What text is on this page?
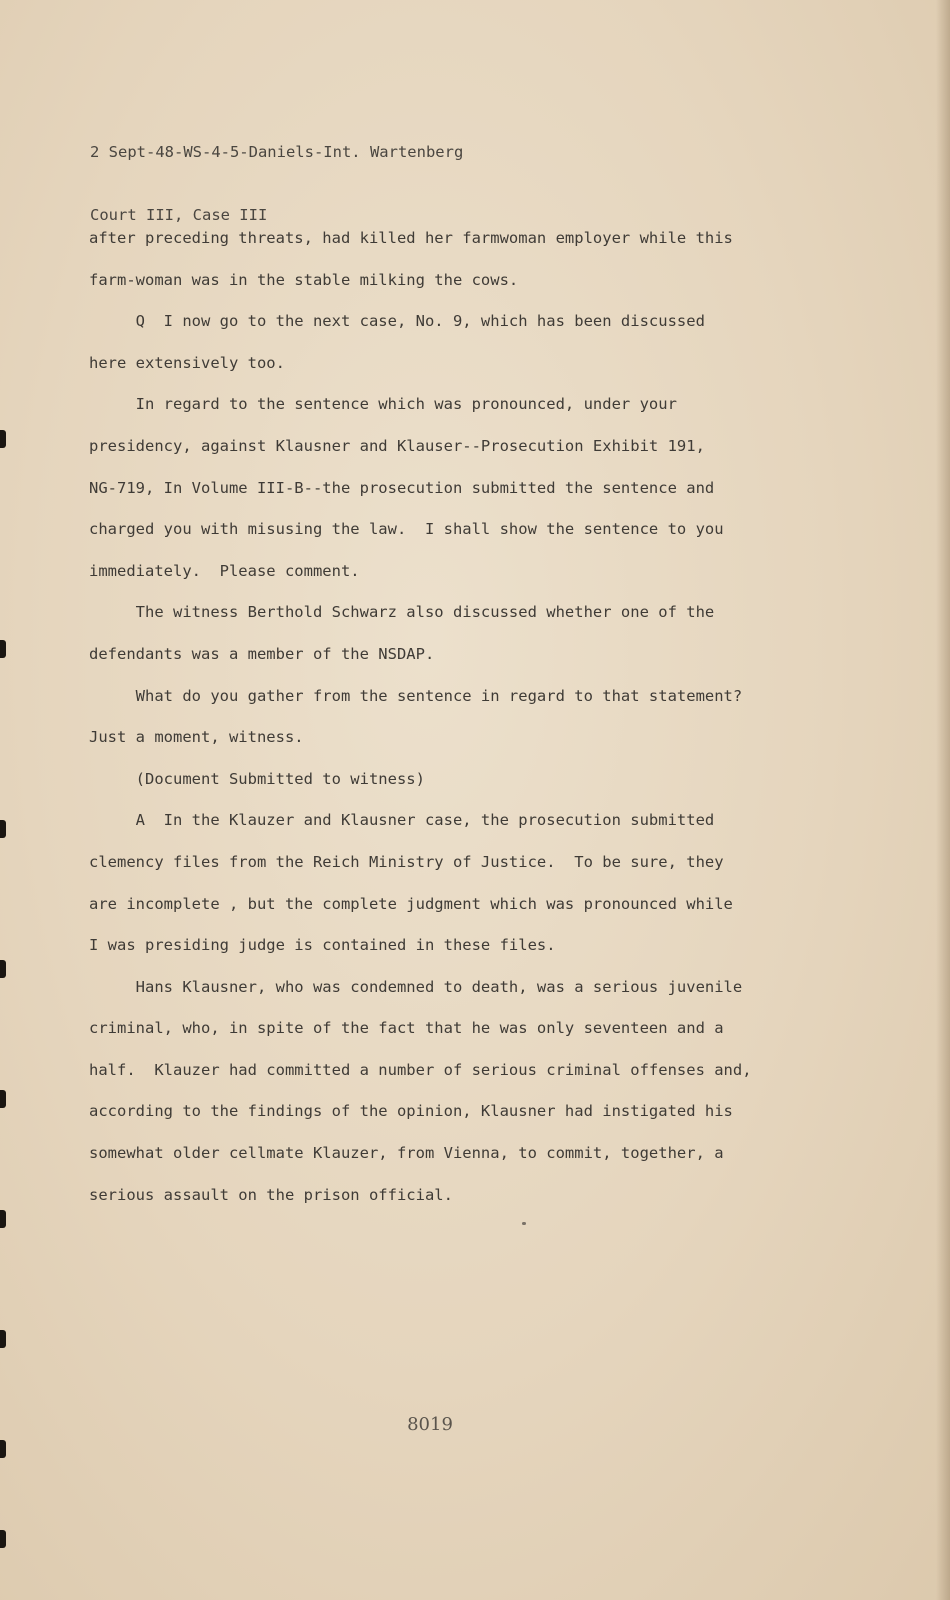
2 Sept-48-WS-4-5-Daniels-Int. Wartenberg

Court III, Case III

after preceding threats, had killed her farmwoman employer while this
farm-woman was in the stable milking the cows.
Q  I now go to the next case, No. 9, which has been discussed
here extensively too.
In regard to the sentence which was pronounced, under your
presidency, against Klausner and Klauser--Prosecution Exhibit 191,
NG-719, In Volume III-B--the prosecution submitted the sentence and
charged you with misusing the law.  I shall show the sentence to you
immediately.  Please comment.
The witness Berthold Schwarz also discussed whether one of the
defendants was a member of the NSDAP.
What do you gather from the sentence in regard to that statement?
Just a moment, witness.
(Document Submitted to witness)
A  In the Klauzer and Klausner case, the prosecution submitted
clemency files from the Reich Ministry of Justice.  To be sure, they
are incomplete , but the complete judgment which was pronounced while
I was presiding judge is contained in these files.
Hans Klausner, who was condemned to death, was a serious juvenile
criminal, who, in spite of the fact that he was only seventeen and a
half.  Klauzer had committed a number of serious criminal offenses and,
according to the findings of the opinion, Klausner had instigated his
somewhat older cellmate Klauzer, from Vienna, to commit, together, a
serious assault on the prison official.
8019
